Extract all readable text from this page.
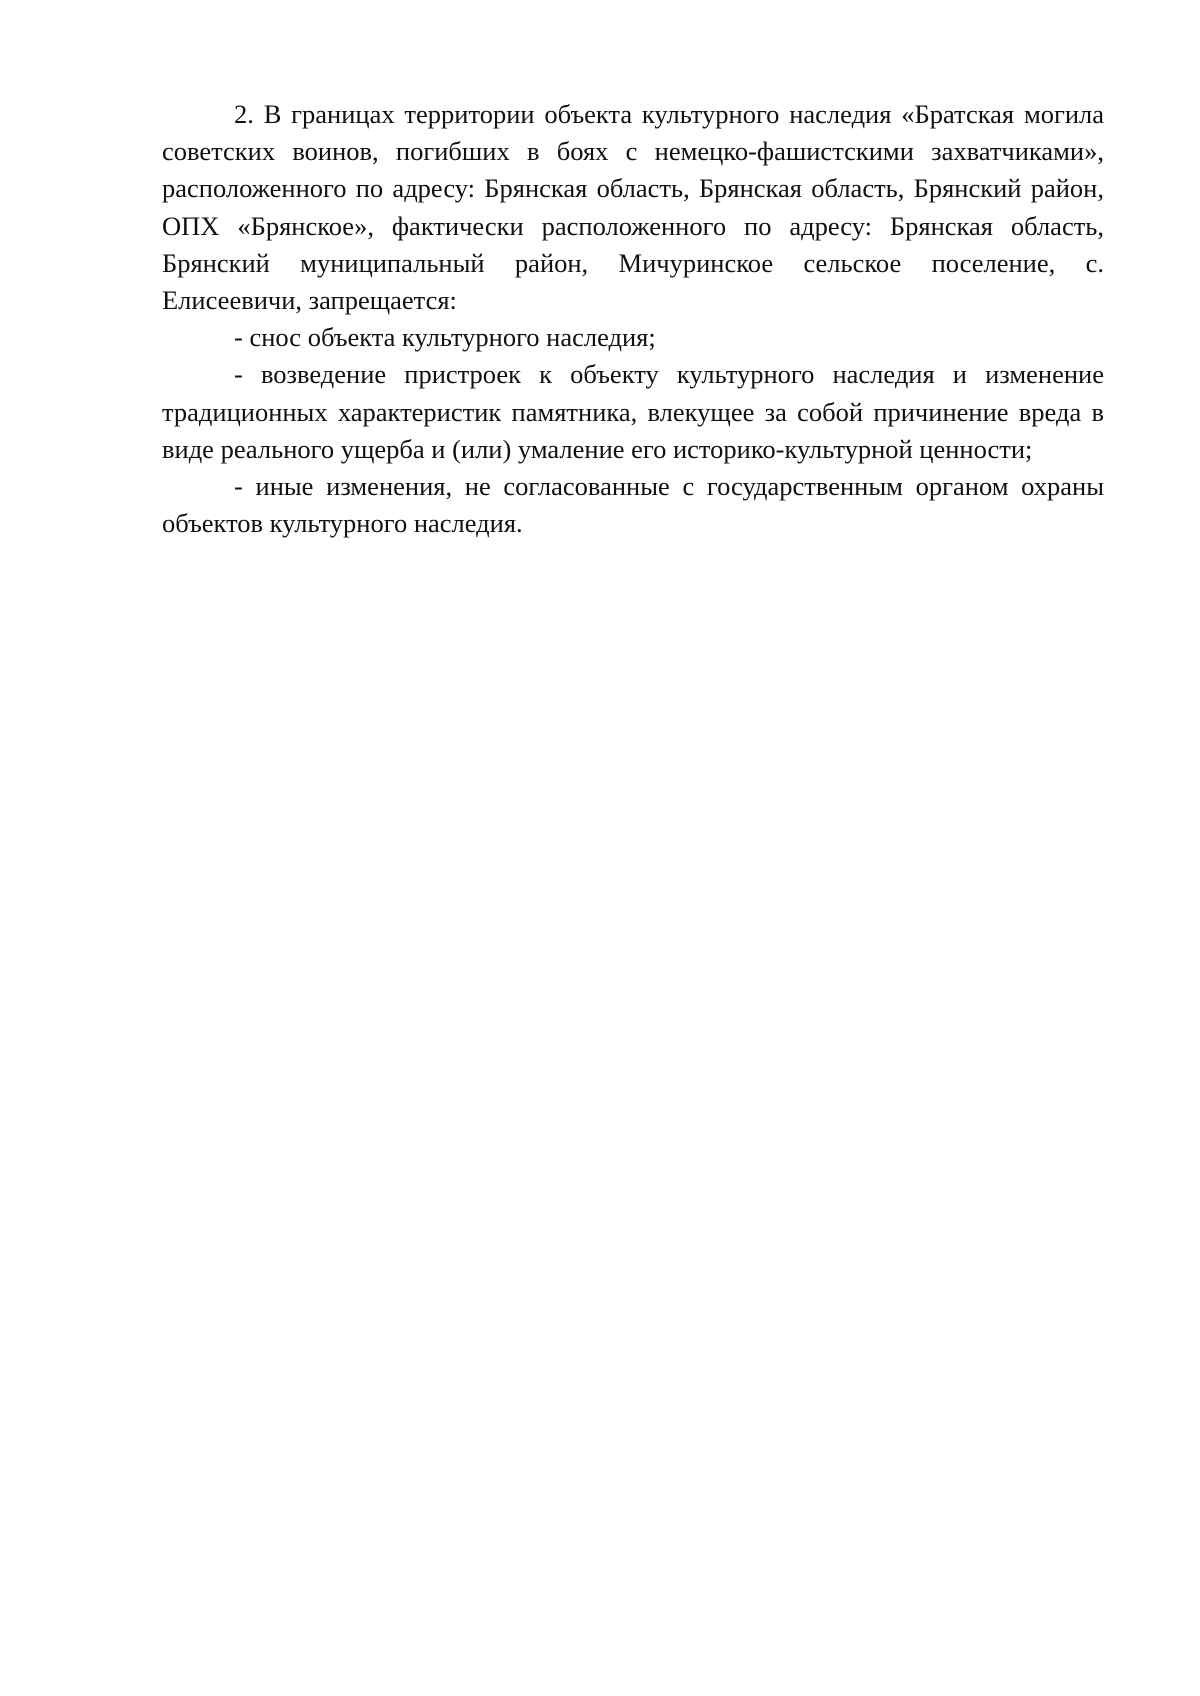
2. В границах территории объекта культурного наследия «Братская могила советских воинов, погибших в боях с немецко-фашистскими захватчиками», расположенного по адресу: Брянская область, Брянская область, Брянский район, ОПХ «Брянское», фактически расположенного по адресу: Брянская область, Брянский муниципальный район, Мичуринское сельское поселение, с. Елисеевичи, запрещается:

- снос объекта культурного наследия;

- возведение пристроек к объекту культурного наследия и изменение традиционных характеристик памятника, влекущее за собой причинение вреда в виде реального ущерба и (или) умаление его историко-культурной ценности;

- иные изменения, не согласованные с государственным органом охраны объектов культурного наследия.
